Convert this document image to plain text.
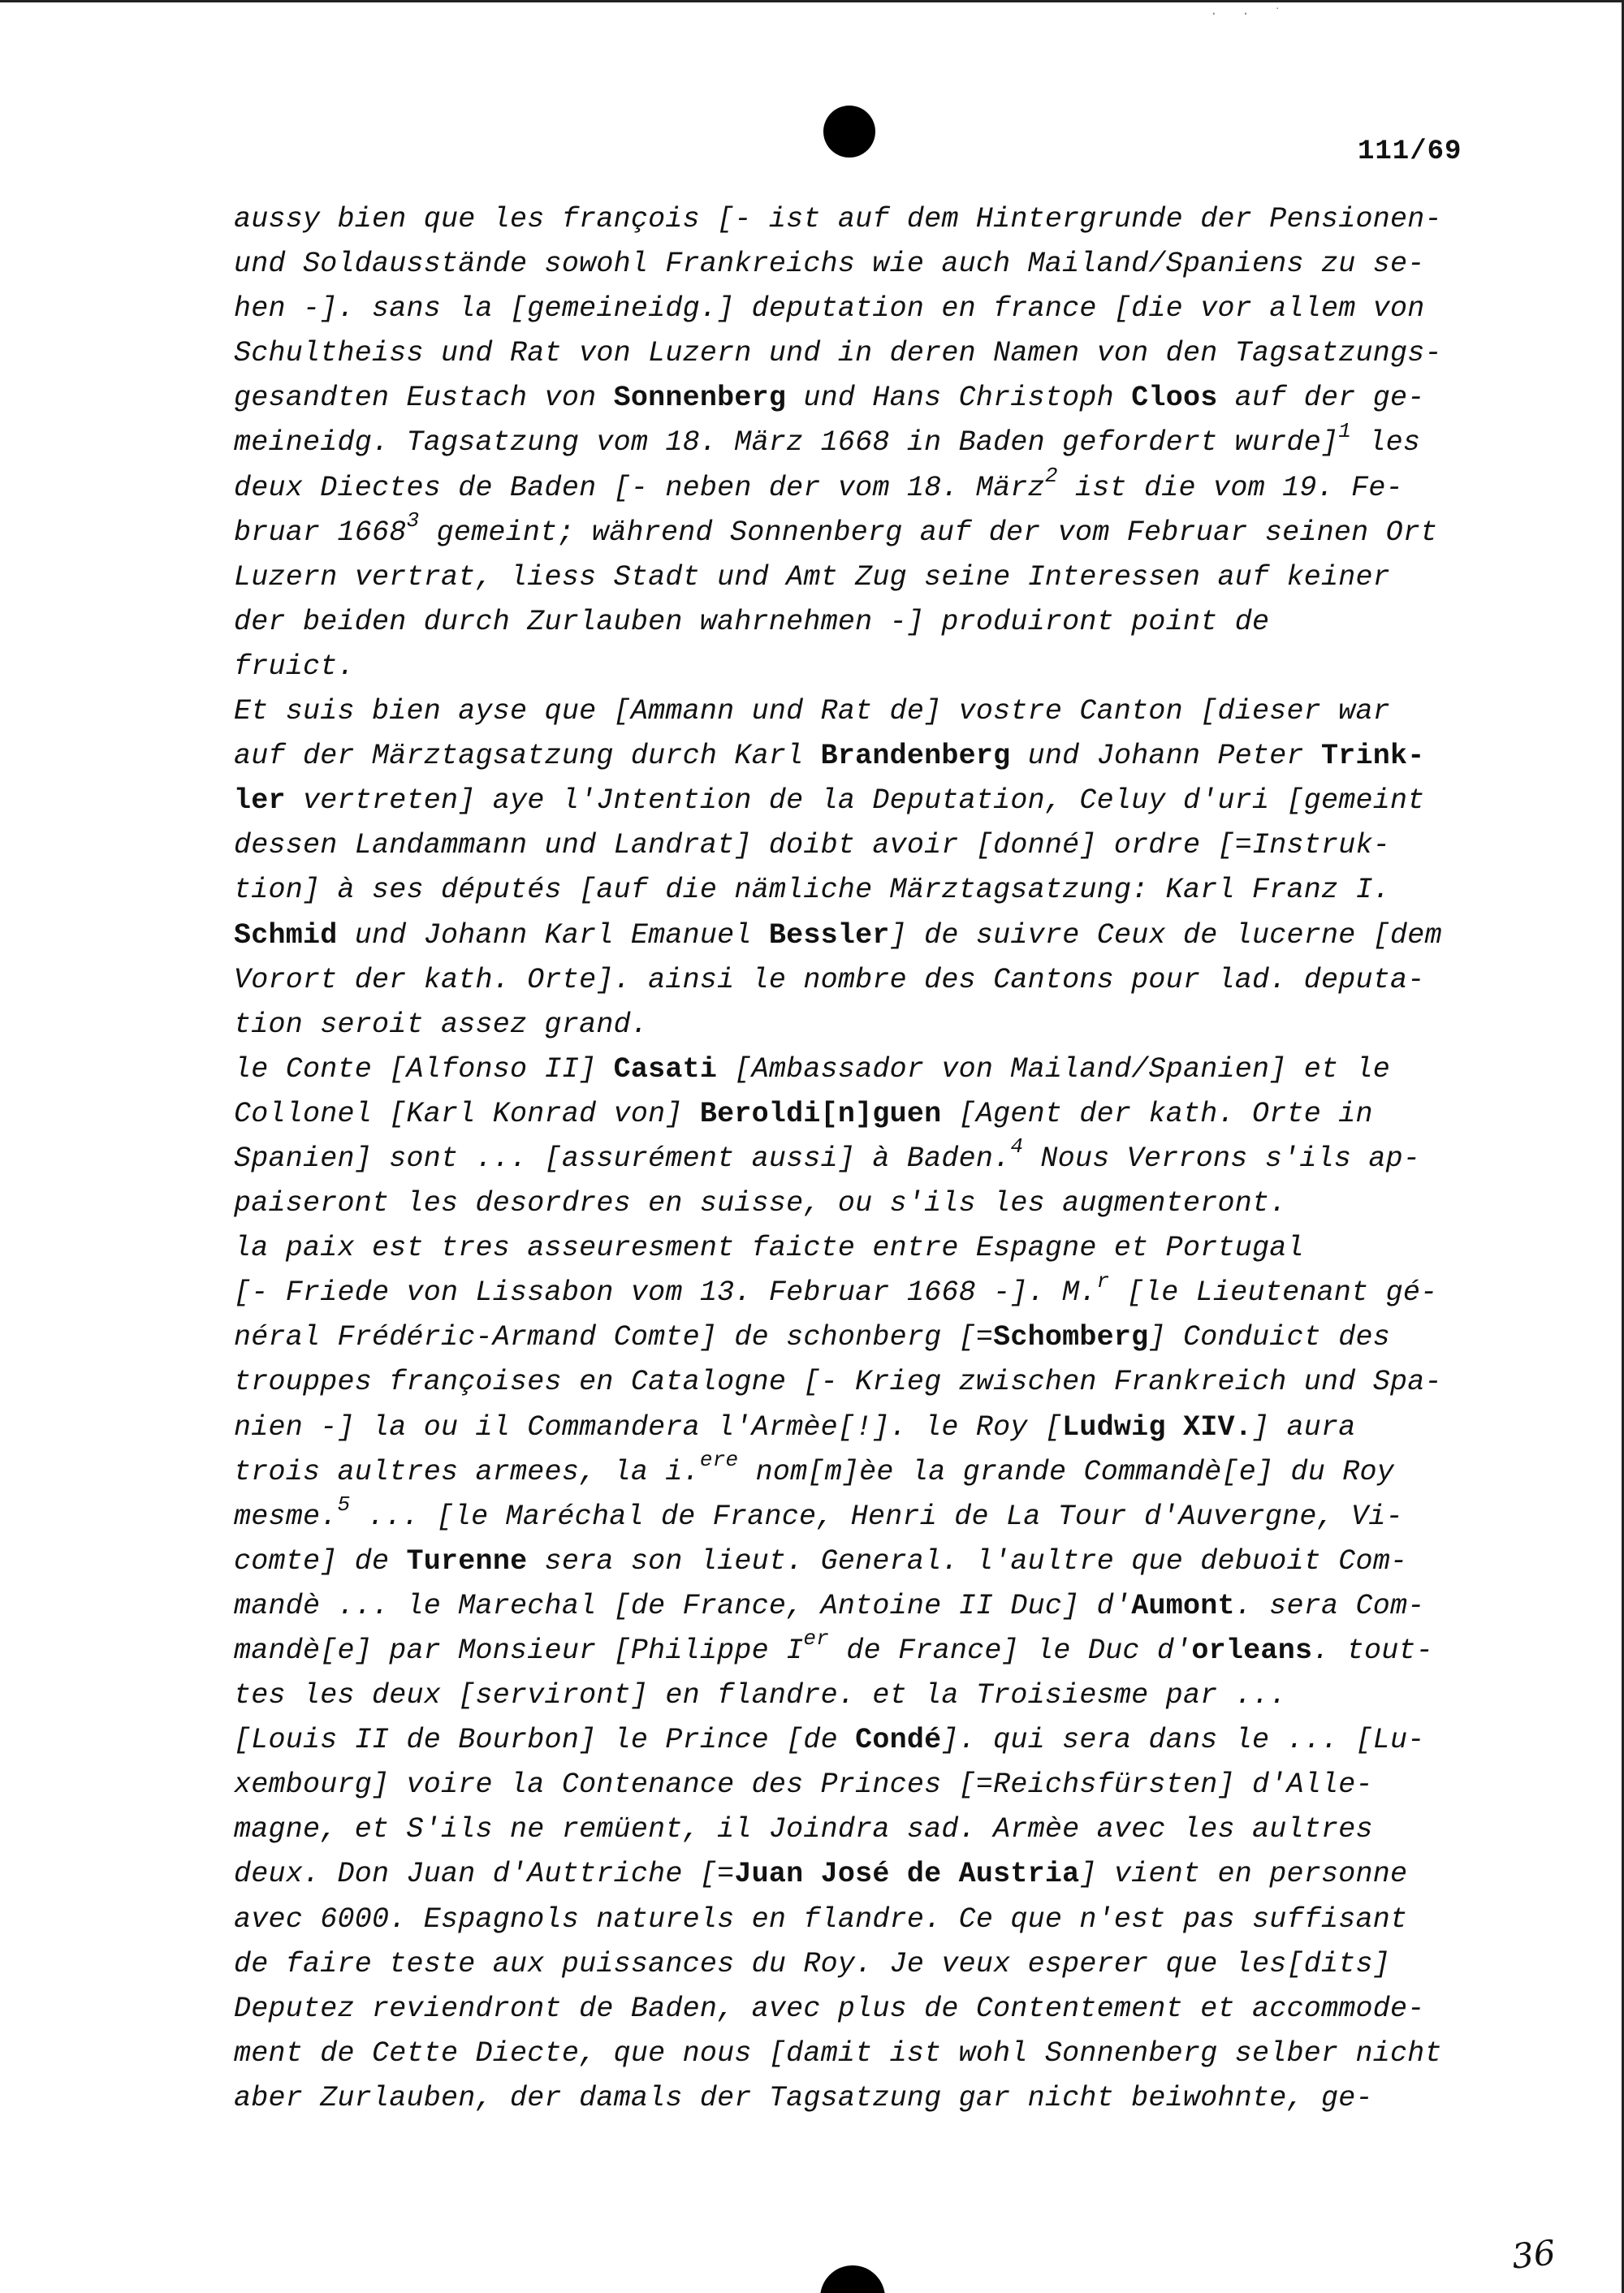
· · ˙
111/69
aussy bien que les françois [- ist auf dem Hintergrunde der Pensionen-
und Soldausstände sowohl Frankreichs wie auch Mailand/Spaniens zu se-
hen -]. sans la [gemeineidg.] deputation en france [die vor allem von
Schultheiss und Rat von Luzern und in deren Namen von den Tagsatzungs-
gesandten Eustach von Sonnenberg und Hans Christoph Cloos auf der ge-
meineidg. Tagsatzung vom 18. März 1668 in Baden gefordert wurde]$^1$ les
deux Diectes de Baden [- neben der vom 18. März$^2$ ist die vom 19. Fe-
bruar 1668$^3$ gemeint; während Sonnenberg auf der vom Februar seinen Ort
Luzern vertrat, liess Stadt und Amt Zug seine Interessen auf keiner
der beiden durch Zurlauben wahrnehmen -] produiront point de
fruict.
Et suis bien ayse que [Ammann und Rat de] vostre Canton [dieser war
auf der Märztagsatzung durch Karl Brandenberg und Johann Peter Trink-
ler vertreten] aye l'Jntention de la Deputation, Celuy d'uri [gemeint
dessen Landammann und Landrat] doibt avoir [donné] ordre [=Instruk-
tion] à ses députés [auf die nämliche Märztagsatzung: Karl Franz I.
Schmid und Johann Karl Emanuel Bessler] de suivre Ceux de lucerne [dem
Vorort der kath. Orte]. ainsi le nombre des Cantons pour lad. deputa-
tion seroit assez grand.
le Conte [Alfonso II] Casati [Ambassador von Mailand/Spanien] et le
Collonel [Karl Konrad von] Beroldi[n]guen [Agent der kath. Orte in
Spanien] sont ... [assurément aussi] à Baden.$^4$ Nous Verrons s'ils ap-
paiseront les desordres en suisse, ou s'ils les augmenteront.
la paix est tres asseuresment faicte entre Espagne et Portugal
[- Friede von Lissabon vom 13. Februar 1668 -]. M.$^r$ [le Lieutenant gé-
néral Frédéric-Armand Comte] de schonberg [=Schomberg] Conduict des
trouppes françoises en Catalogne [- Krieg zwischen Frankreich und Spa-
nien -] la ou il Commandera l'Armèe[!]. le Roy [Ludwig XIV.] aura
trois aultres armees, la i.$^{ere}$ nom[m]èe la grande Commandè[e] du Roy
mesme.$^5$ ... [le Maréchal de France, Henri de La Tour d'Auvergne, Vi-
comte] de Turenne sera son lieut. General. l'aultre que debuoit Com-
mandè ... le Marechal [de France, Antoine II Duc] d'Aumont. sera Com-
mandè[e] par Monsieur [Philippe Ier de France] le Duc d'orleans. tout-
tes les deux [serviront] en flandre. et la Troisiesme par ...
[Louis II de Bourbon] le Prince [de Condé]. qui sera dans le ... [Lu-
xembourg] voire la Contenance des Princes [=Reichsfürsten] d'Alle-
magne, et S'ils ne remüent, il Joindra sad. Armèe avec les aultres
deux. Don Juan d'Auttriche [=Juan José de Austria] vient en personne
avec 6000. Espagnols naturels en flandre. Ce que n'est pas suffisant
de faire teste aux puissances du Roy. Je veux esperer que les[dits]
Deputez reviendront de Baden, avec plus de Contentement et accommode-
ment de Cette Diecte, que nous [damit ist wohl Sonnenberg selber nicht
aber Zurlauben, der damals der Tagsatzung gar nicht beiwohnte, ge-
36
